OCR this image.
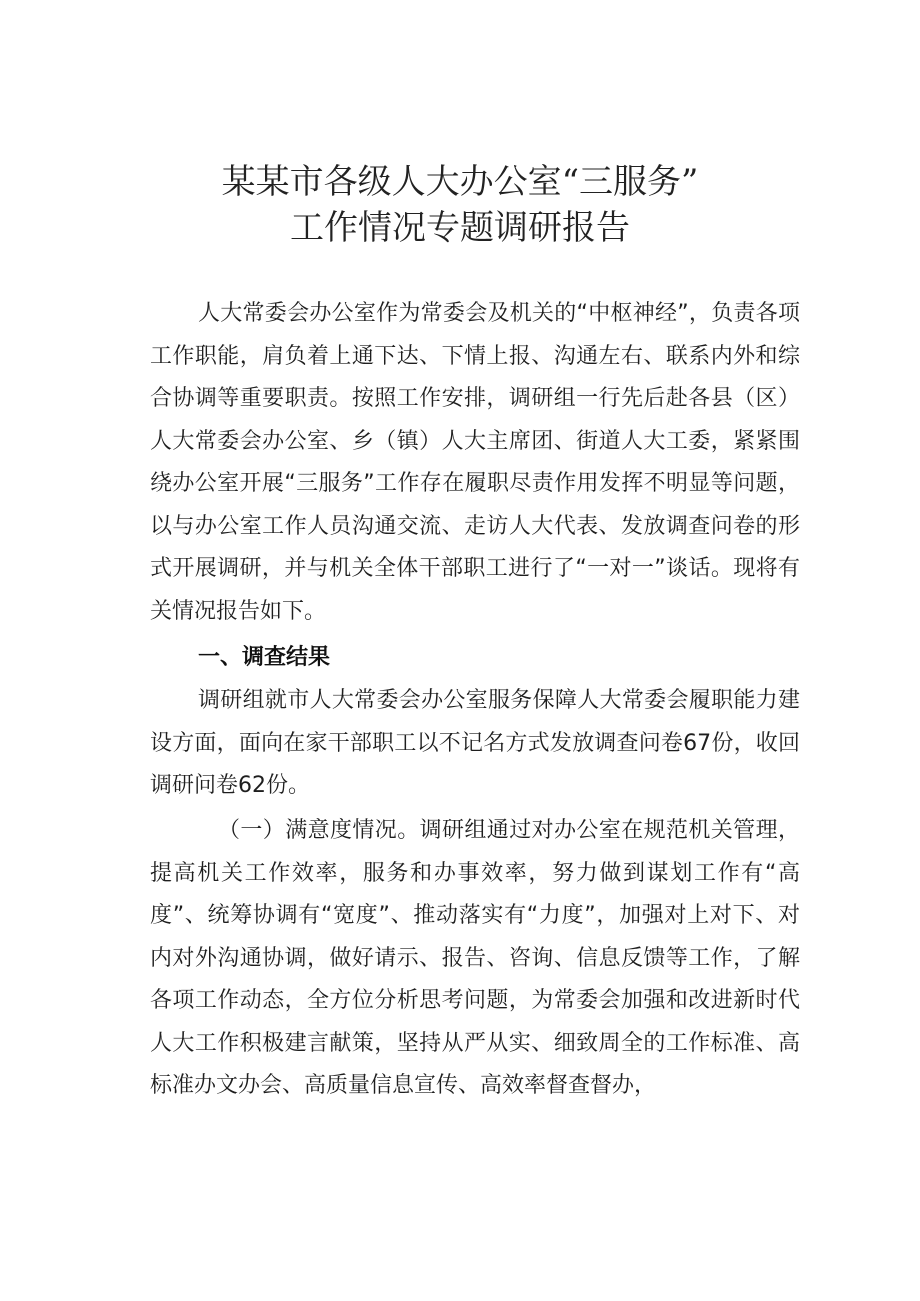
某某市各级人大办公室“三服务”
工作情况专题调研报告

人大常委会办公室作为常委会及机关的“中枢神经”，负责各项工作职能，肩负着上通下达、下情上报、沟通左右、联系内外和综合协调等重要职责。按照工作安排，调研组一行先后赴各县（区）人大常委会办公室、乡（镇）人大主席团、街道人大工委，紧紧围绕办公室开展“三服务”工作存在履职尽责作用发挥不明显等问题，以与办公室工作人员沟通交流、走访人大代表、发放调查问卷的形式开展调研，并与机关全体干部职工进行了“一对一”谈话。现将有关情况报告如下。

一、调查结果

调研组就市人大常委会办公室服务保障人大常委会履职能力建设方面，面向在家干部职工以不记名方式发放调查问卷67份，收回调研问卷62份。

（一）满意度情况。调研组通过对办公室在规范机关管理，提高机关工作效率，服务和办事效率，努力做到谋划工作有“高度”、统筹协调有“宽度”、推动落实有“力度”，加强对上对下、对内对外沟通协调，做好请示、报告、咨询、信息反馈等工作，了解各项工作动态，全方位分析思考问题，为常委会加强和改进新时代人大工作积极建言献策，坚持从严从实、细致周全的工作标准、高标准办文办会、高质量信息宣传、高效率督查督办，
